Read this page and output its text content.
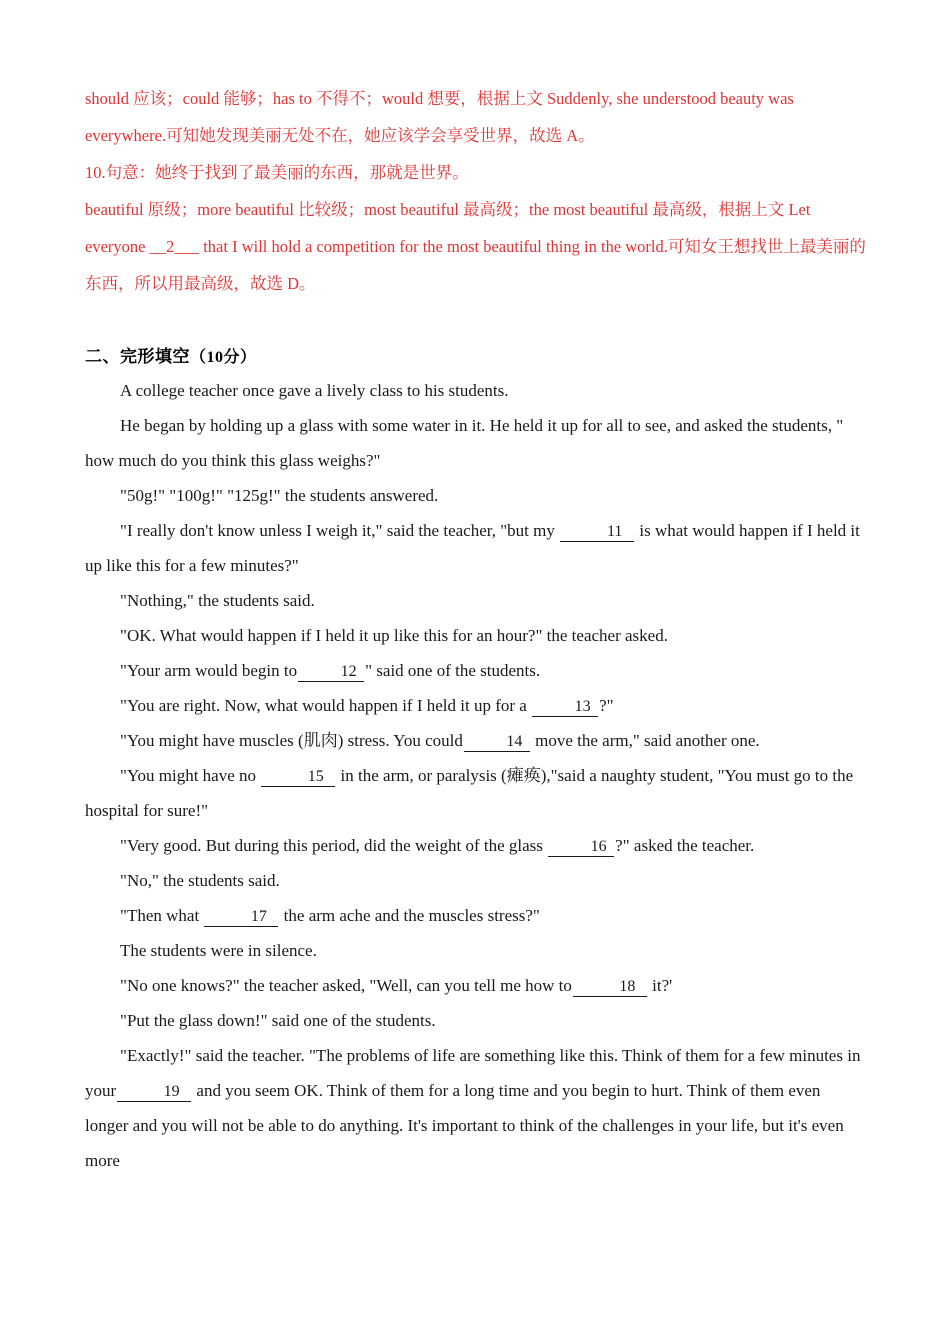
should 应该；could 能够；has to 不得不；would 想要，根据上文 Suddenly, she understood beauty was everywhere.可知她发现美丽无处不在，她应该学会享受世界，故选 A。
10.句意：她终于找到了最美丽的东西，那就是世界。
beautiful 原级；more beautiful 比较级；most beautiful 最高级；the most beautiful 最高级，根据上文 Let everyone __2___ that I will hold a competition for the most beautiful thing in the world.可知女王想找世上最美丽的东西，所以用最高级，故选 D。
二、完形填空（10分）

A college teacher once gave a lively class to his students.

He began by holding up a glass with some water in it. He held it up for all to see, and asked the students, " how much do you think this glass weighs?"

"50g!" "100g!" "125g!" the students answered.

"I really don't know unless I weigh it," said the teacher, "but my	11 is what would happen if I held it up like this for a few minutes?"

"Nothing," the students said.

"OK. What would happen if I held it up like this for an hour?" the teacher asked.

"Your arm would begin to	12 " said one of the students.

"You are right. Now, what would happen if I held it up for a	13 ?"

"You might have muscles (肌肉) stress. You could	14 move the arm," said another one.

"You might have no	15 in the arm, or paralysis (瘫痪),"said a naughty student, "You must go to the hospital for sure!"

"Very good. But during this period, did the weight of the glass	16 ?" asked the teacher.

"No," the students said.

"Then what	17 the arm ache and the muscles stress?"

The students were in silence.

"No one knows?" the teacher asked, "Well, can you tell me how to	18 it?'

"Put the glass down!" said one of the students.

"Exactly!" said the teacher. "The problems of life are something like this. Think of them for a few minutes in your	19 and you seem OK. Think of them for a long time and you begin to hurt. Think of them even longer and you will not be able to do anything. It's important to think of the challenges in your life, but it's even more
